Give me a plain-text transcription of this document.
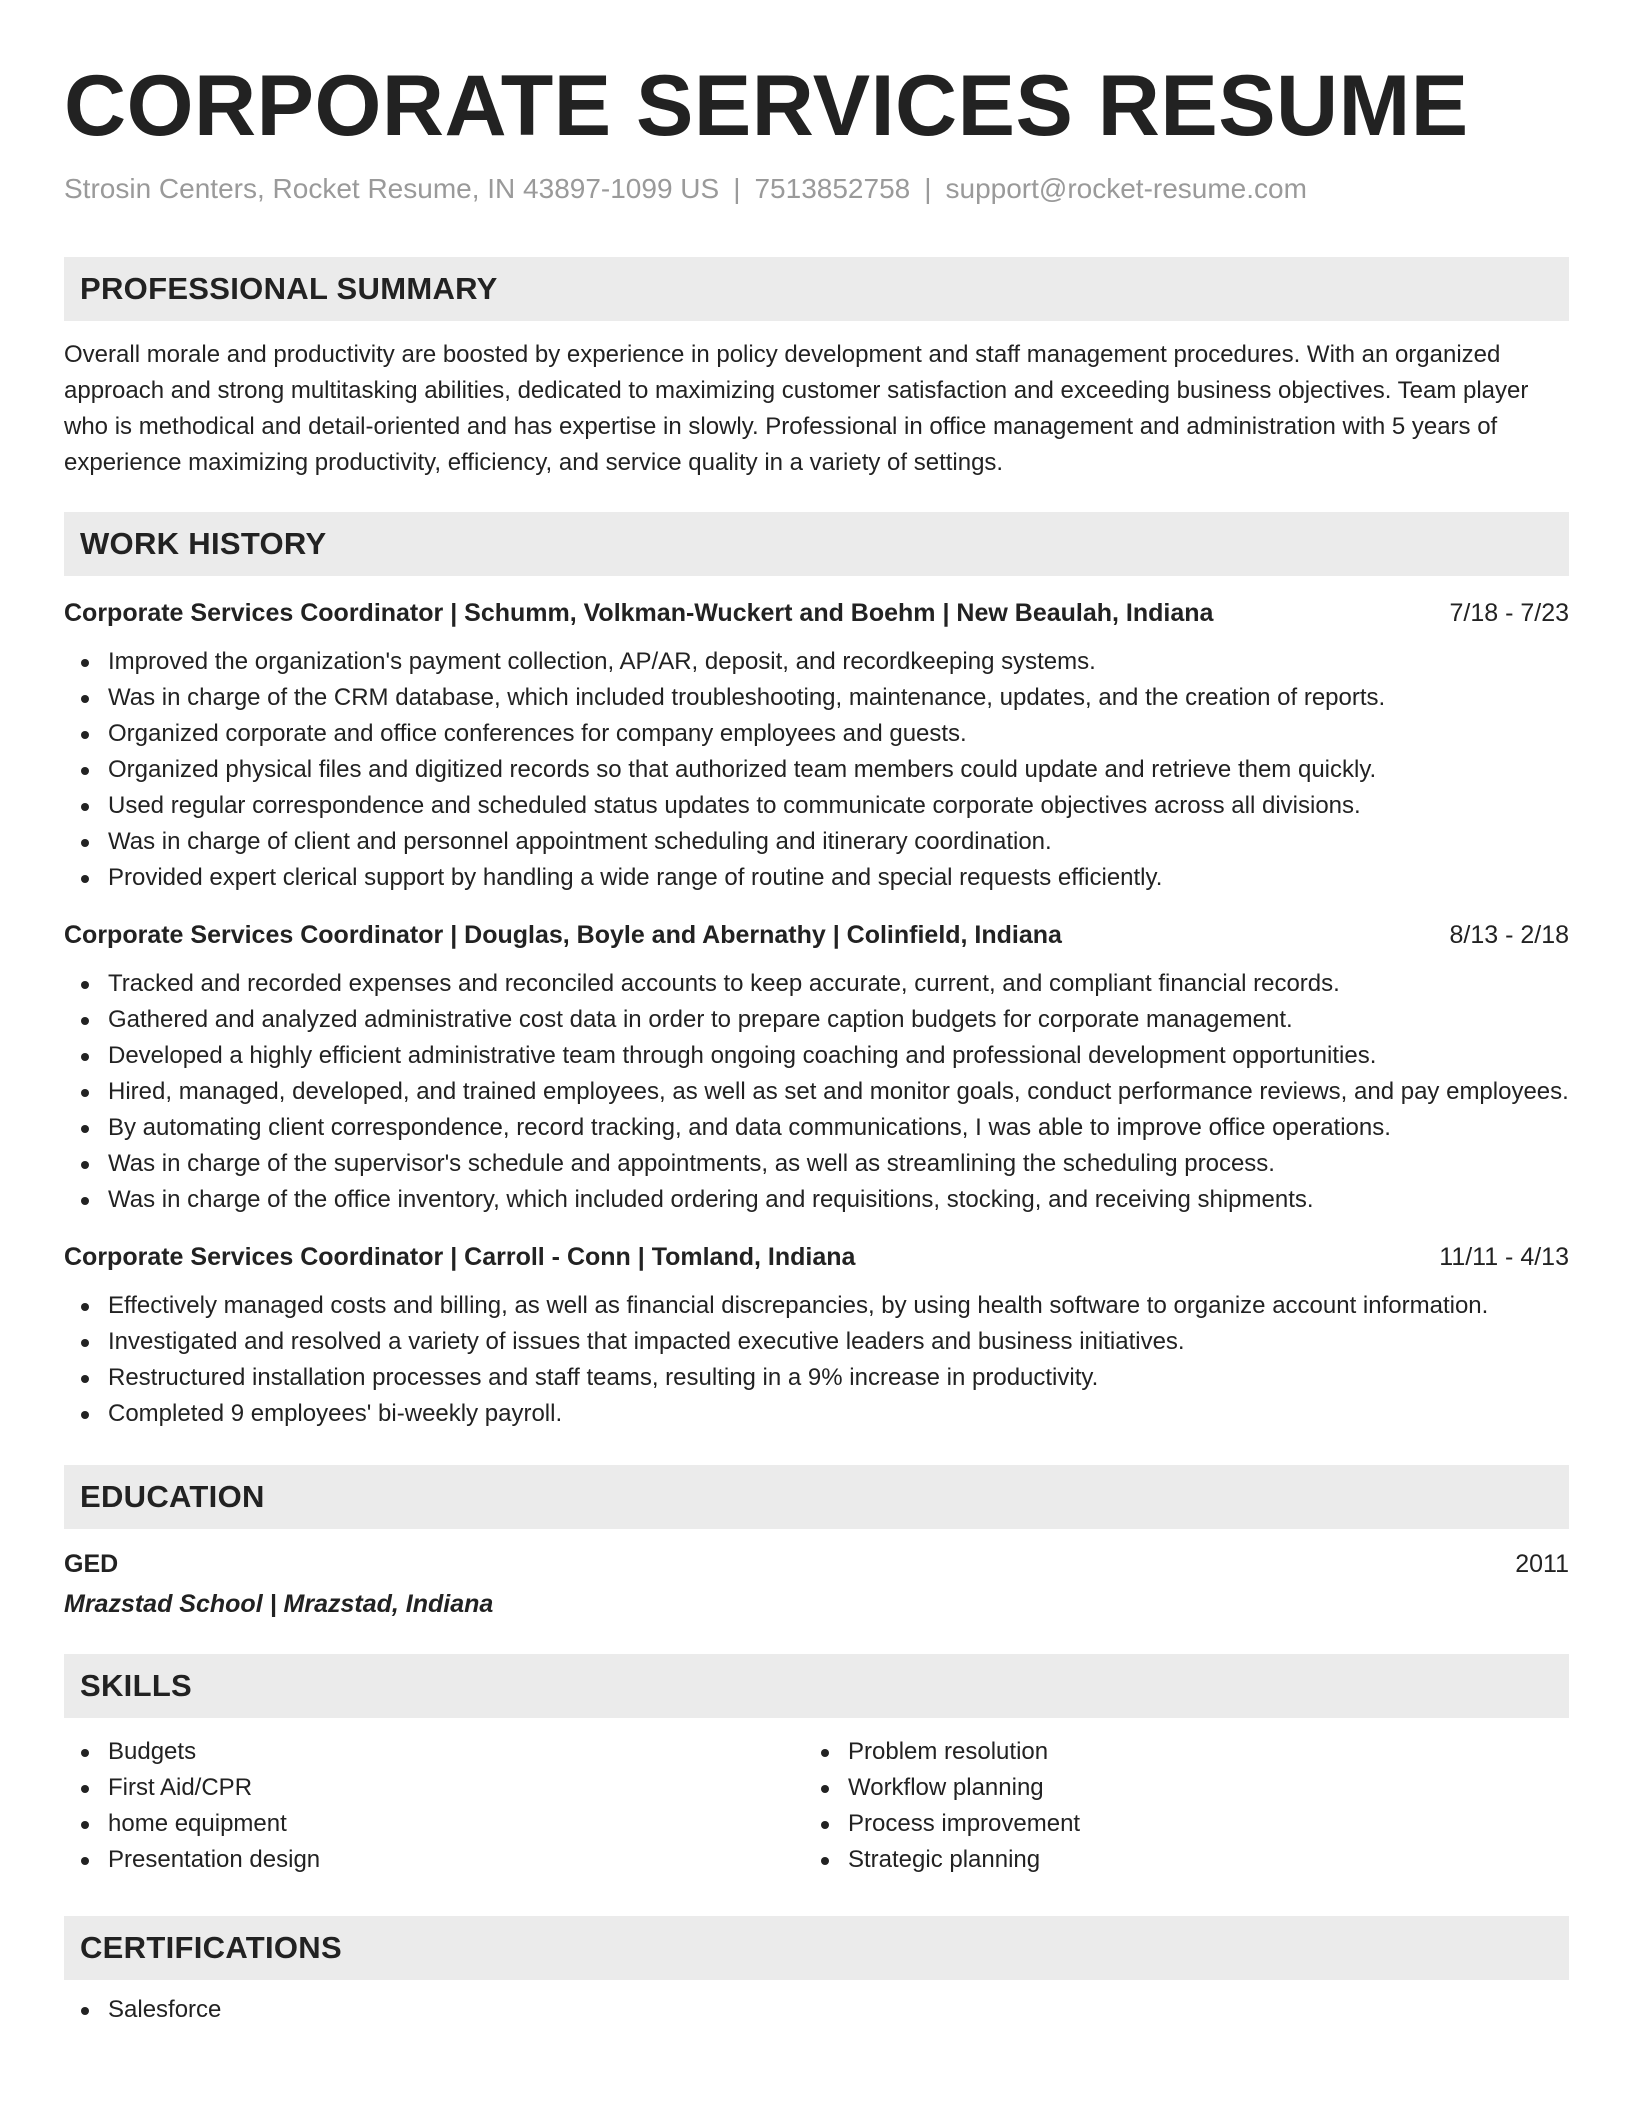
CORPORATE SERVICES RESUME
Strosin Centers, Rocket Resume, IN 43897-1099 US | 7513852758 | support@rocket-resume.com
PROFESSIONAL SUMMARY
Overall morale and productivity are boosted by experience in policy development and staff management procedures. With an organized approach and strong multitasking abilities, dedicated to maximizing customer satisfaction and exceeding business objectives. Team player who is methodical and detail-oriented and has expertise in slowly. Professional in office management and administration with 5 years of experience maximizing productivity, efficiency, and service quality in a variety of settings.
WORK HISTORY
Corporate Services Coordinator | Schumm, Volkman-Wuckert and Boehm | New Beaulah, Indiana	7/18 - 7/23
Improved the organization's payment collection, AP/AR, deposit, and recordkeeping systems.
Was in charge of the CRM database, which included troubleshooting, maintenance, updates, and the creation of reports.
Organized corporate and office conferences for company employees and guests.
Organized physical files and digitized records so that authorized team members could update and retrieve them quickly.
Used regular correspondence and scheduled status updates to communicate corporate objectives across all divisions.
Was in charge of client and personnel appointment scheduling and itinerary coordination.
Provided expert clerical support by handling a wide range of routine and special requests efficiently.
Corporate Services Coordinator | Douglas, Boyle and Abernathy | Colinfield, Indiana	8/13 - 2/18
Tracked and recorded expenses and reconciled accounts to keep accurate, current, and compliant financial records.
Gathered and analyzed administrative cost data in order to prepare caption budgets for corporate management.
Developed a highly efficient administrative team through ongoing coaching and professional development opportunities.
Hired, managed, developed, and trained employees, as well as set and monitor goals, conduct performance reviews, and pay employees.
By automating client correspondence, record tracking, and data communications, I was able to improve office operations.
Was in charge of the supervisor's schedule and appointments, as well as streamlining the scheduling process.
Was in charge of the office inventory, which included ordering and requisitions, stocking, and receiving shipments.
Corporate Services Coordinator | Carroll - Conn | Tomland, Indiana	11/11 - 4/13
Effectively managed costs and billing, as well as financial discrepancies, by using health software to organize account information.
Investigated and resolved a variety of issues that impacted executive leaders and business initiatives.
Restructured installation processes and staff teams, resulting in a 9% increase in productivity.
Completed 9 employees' bi-weekly payroll.
EDUCATION
GED	2011
Mrazstad School | Mrazstad, Indiana
SKILLS
Budgets
First Aid/CPR
home equipment
Presentation design
Problem resolution
Workflow planning
Process improvement
Strategic planning
CERTIFICATIONS
Salesforce
